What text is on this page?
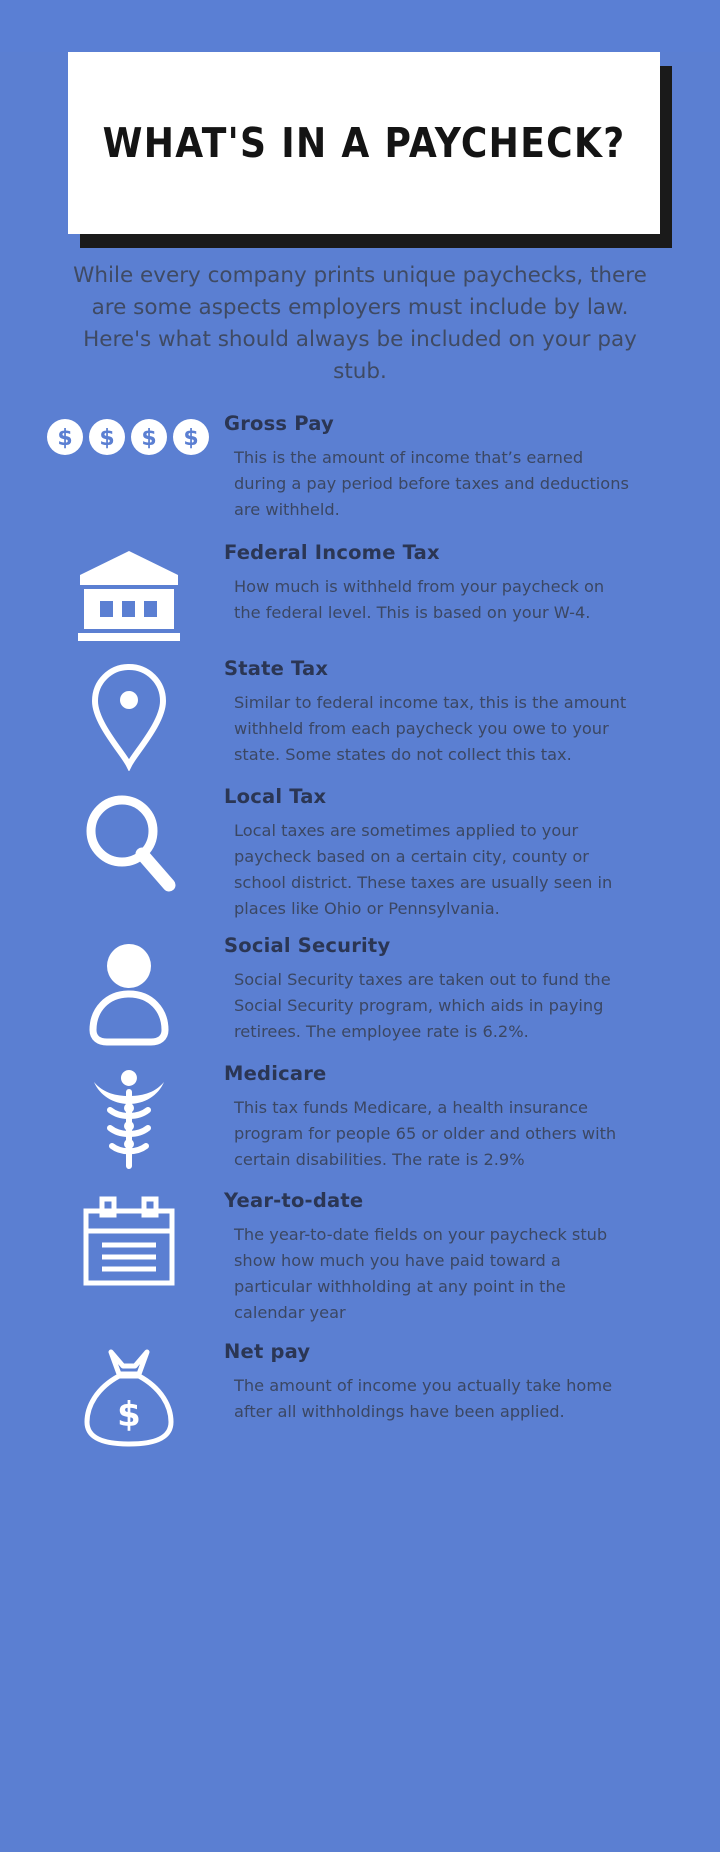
WHAT'S IN A PAYCHECK?
While every company prints unique paychecks, there are some aspects employers must include by law. Here's what should always be included on your pay stub.
$ $ $ $

Gross Pay

This is the amount of income that’s earned during a pay period before taxes and deductions are withheld.

Federal Income Tax

How much is withheld from your paycheck on the federal level. This is based on your W-4.

State Tax

Similar to federal income tax, this is the amount withheld from each paycheck you owe to your state. Some states do not collect this tax.

Local Tax

Local taxes are sometimes applied to your paycheck based on a certain city, county or school district. These taxes are usually seen in places like Ohio or Pennsylvania.

Social Security

Social Security taxes are taken out to fund the Social Security program, which aids in paying retirees. The employee rate is 6.2%.

Medicare

This tax funds Medicare, a health insurance program for people 65 or older and others with certain disabilities. The rate is 2.9%

Year-to-date

The year-to-date fields on your paycheck stub show how much you have paid toward a particular withholding at any point in the calendar year

$

Net pay

The amount of income you actually take home after all withholdings have been applied.
